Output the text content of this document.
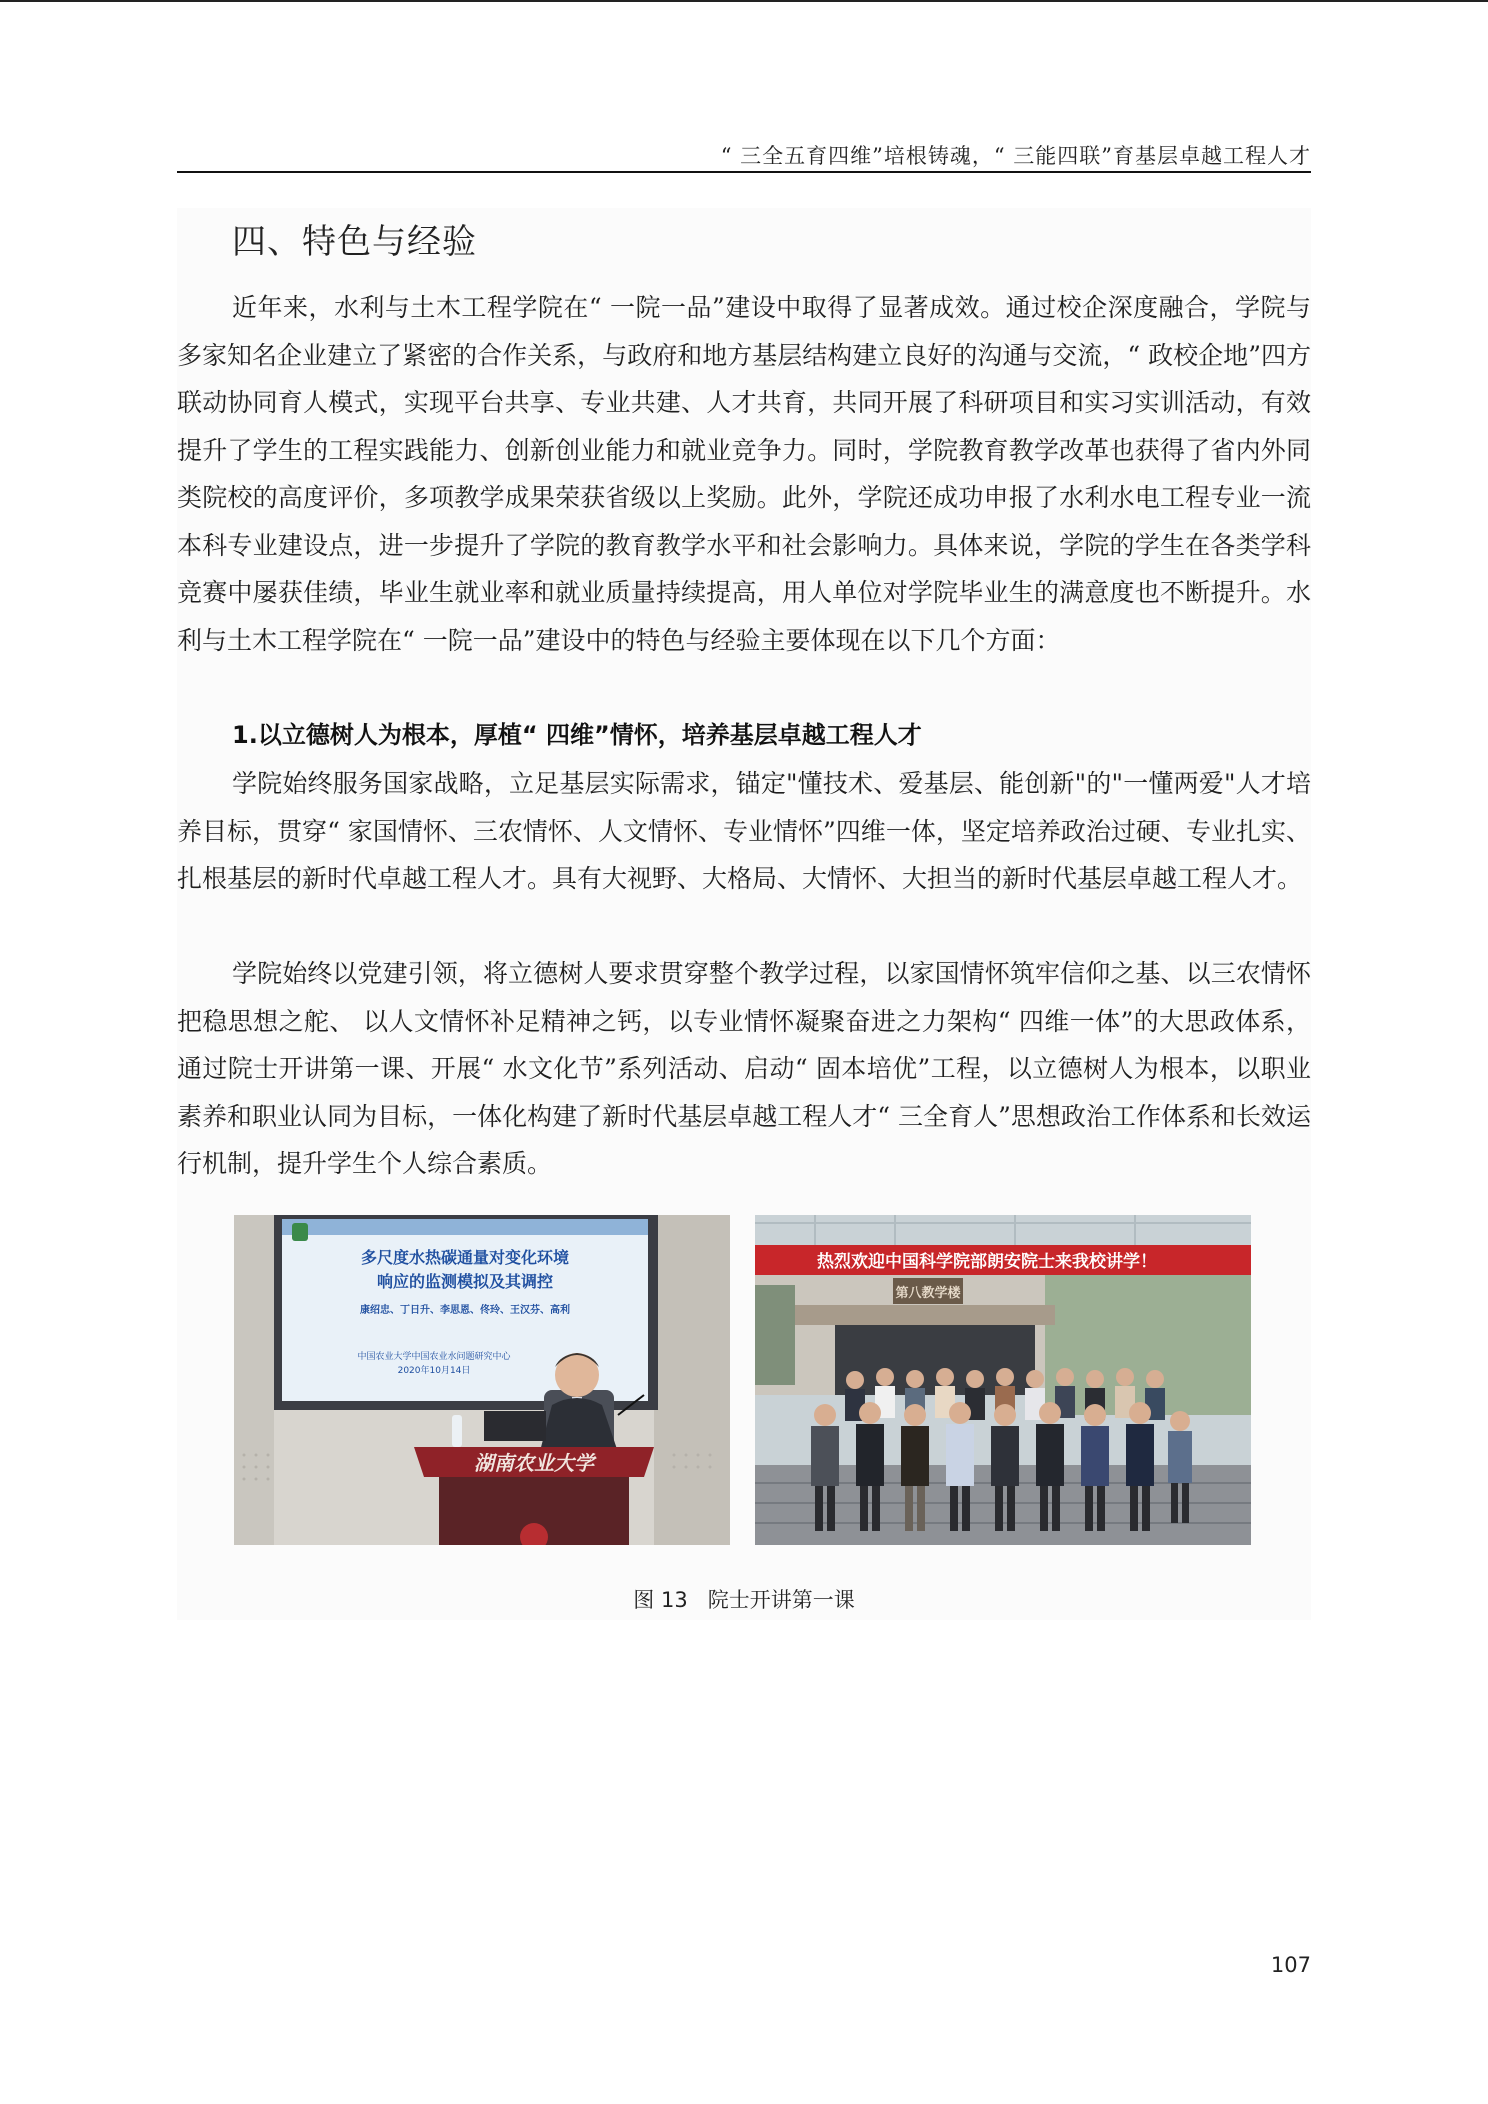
“ 三全五育四维”培根铸魂，“ 三能四联”育基层卓越工程人才
四、特色与经验

近年来，水利与土木工程学院在“ 一院一品”建设中取得了显著成效。通过校企深度融合，学院与多家知名企业建立了紧密的合作关系，与政府和地方基层结构建立良好的沟通与交流，“ 政校企地”四方联动协同育人模式，实现平台共享、专业共建、人才共育，共同开展了科研项目和实习实训活动，有效提升了学生的工程实践能力、创新创业能力和就业竞争力。同时，学院教育教学改革也获得了省内外同类院校的高度评价，多项教学成果荣获省级以上奖励。此外，学院还成功申报了水利水电工程专业一流本科专业建设点，进一步提升了学院的教育教学水平和社会影响力。具体来说，学院的学生在各类学科竞赛中屡获佳绩，毕业生就业率和就业质量持续提高，用人单位对学院毕业生的满意度也不断提升。水利与土木工程学院在“ 一院一品”建设中的特色与经验主要体现在以下几个方面：

1.以立德树人为根本，厚植“ 四维”情怀，培养基层卓越工程人才

学院始终服务国家战略，立足基层实际需求，锚定"懂技术、爱基层、能创新"的"一懂两爱"人才培养目标，贯穿“ 家国情怀、三农情怀、人文情怀、专业情怀”四维一体，坚定培养政治过硬、专业扎实、扎根基层的新时代卓越工程人才。具有大视野、大格局、大情怀、大担当的新时代基层卓越工程人才。

学院始终以党建引领，将立德树人要求贯穿整个教学过程，以家国情怀筑牢信仰之基、以三农情怀把稳思想之舵、 以人文情怀补足精神之钙，以专业情怀凝聚奋进之力架构“ 四维一体”的大思政体系，通过院士开讲第一课、开展“ 水文化节”系列活动、启动“ 固本培优”工程，以立德树人为根本，以职业素养和职业认同为目标，一体化构建了新时代基层卓越工程人才“ 三全育人”思想政治工作体系和长效运行机制，提升学生个人综合素质。

多尺度水热碳通量对变化环境
响应的监测模拟及其调控
康绍忠、丁日升、李思恩、佟玲、王汉芬、高利
中国农业大学中国农业水问题研究中心
2020年10月14日
湖南农业大学
热烈欢迎中国科学院部朗安院士来我校讲学！
第八教学楼
图 13 院士开讲第一课
107
